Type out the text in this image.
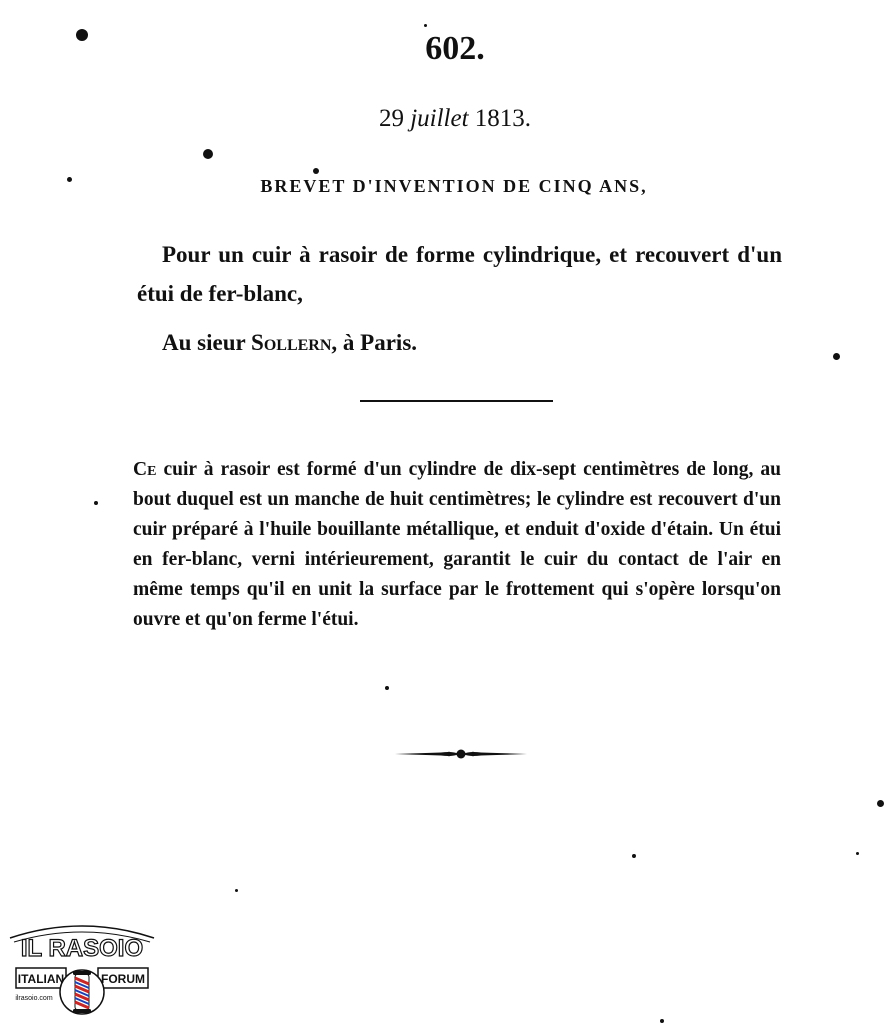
602.
29 juillet 1813.
BREVET D'INVENTION DE CINQ ANS,
Pour un cuir à rasoir de forme cylindrique, et recouvert d'un étui de fer-blanc,
Au sieur Sollern, à Paris.
Ce cuir à rasoir est formé d'un cylindre de dix-sept centimètres de long, au bout duquel est un manche de huit centimètres; le cylindre est recouvert d'un cuir préparé à l'huile bouillante métallique, et enduit d'oxide d'étain. Un étui en fer-blanc, verni intérieurement, garantit le cuir du contact de l'air en même temps qu'il en unit la surface par le frottement qui s'opère lorsqu'on ouvre et qu'on ferme l'étui.
IL RASOIO
ITALIAN	FORUM
ilrasoio.com
